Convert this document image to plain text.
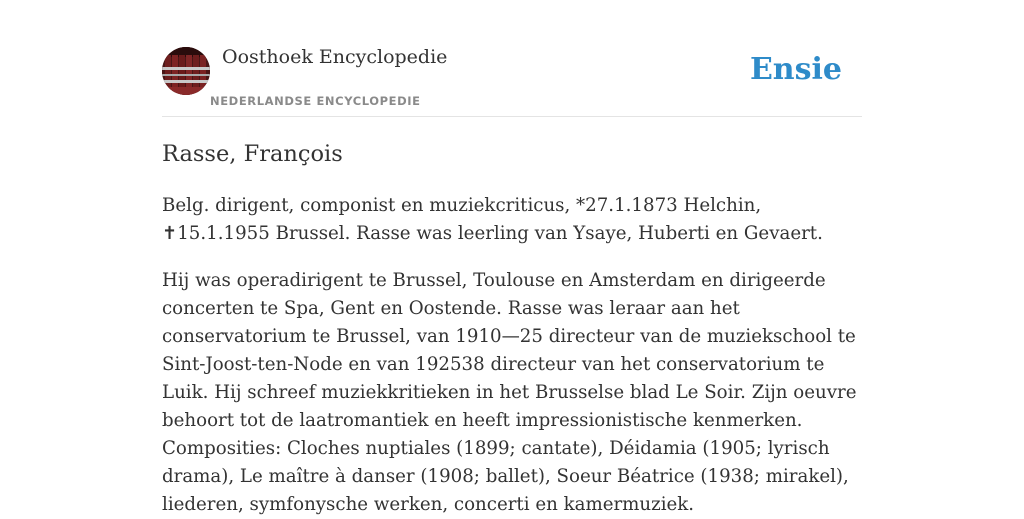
Oosthoek Encyclopedie
NEDERLANDSE ENCYCLOPEDIE
Ensie
Rasse, François

Belg. dirigent, componist en muziekcriticus, *27.1.1873 Helchin, ✝15.1.1955 Brussel. Rasse was leerling van Ysaye, Huberti en Gevaert.

Hij was operadirigent te Brussel, Toulouse en Amsterdam en dirigeerde concerten te Spa, Gent en Oostende. Rasse was leraar aan het conservatorium te Brussel, van 1910—25 directeur van de muziekschool te Sint-Joost-ten-Node en van 192538 directeur van het conservatorium te Luik. Hij schreef muziekkritieken in het Brusselse blad Le Soir. Zijn oeuvre behoort tot de laatromantiek en heeft impressionistische kenmerken. Composities: Cloches nuptiales (1899; cantate), Déidamia (1905; lyrisch drama), Le maître à danser (1908; ballet), Soeur Béatrice (1938; mirakel), liederen, symfonysche werken, concerti en kamermuziek.
